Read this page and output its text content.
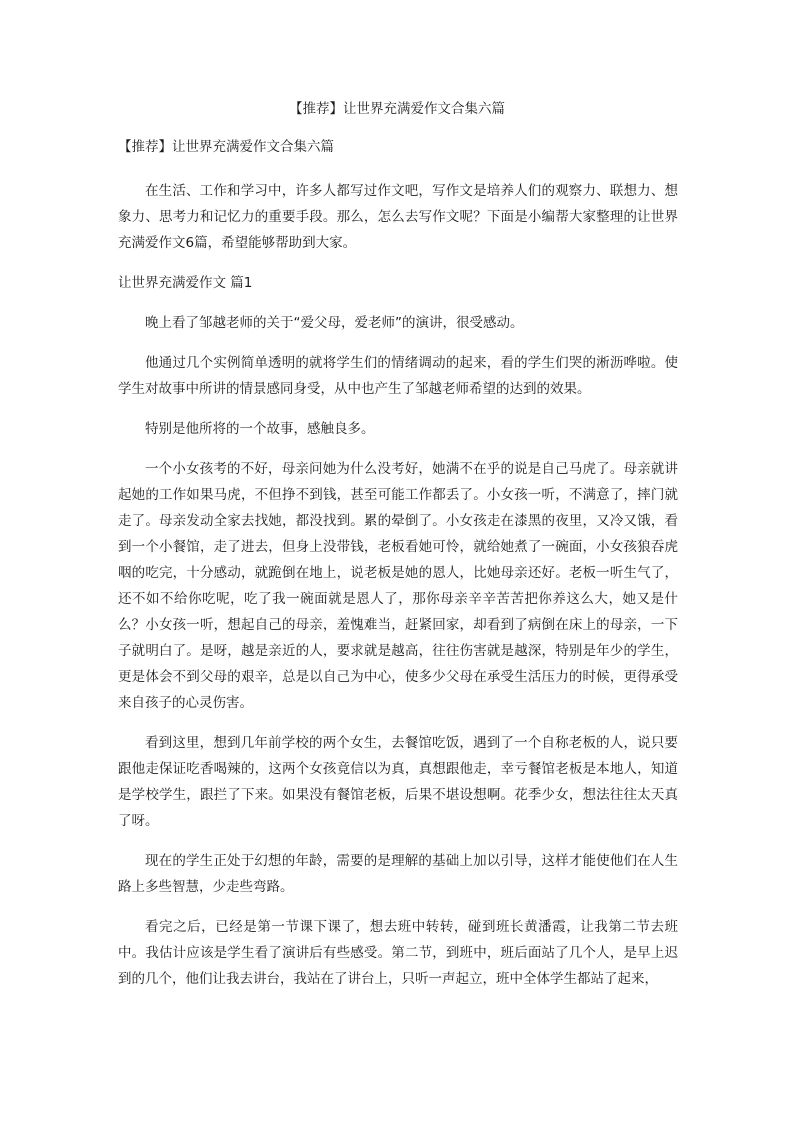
【推荐】让世界充满爱作文合集六篇

【推荐】让世界充满爱作文合集六篇

在生活、工作和学习中，许多人都写过作文吧，写作文是培养人们的观察力、联想力、想象力、思考力和记忆力的重要手段。那么，怎么去写作文呢？下面是小编帮大家整理的让世界充满爱作文6篇，希望能够帮助到大家。

让世界充满爱作文 篇1

晚上看了邹越老师的关于“爱父母，爱老师”的演讲，很受感动。

他通过几个实例简单透明的就将学生们的情绪调动的起来，看的学生们哭的淅沥哗啦。使学生对故事中所讲的情景感同身受，从中也产生了邹越老师希望的达到的效果。

特别是他所将的一个故事，感触良多。

一个小女孩考的不好，母亲问她为什么没考好，她满不在乎的说是自己马虎了。母亲就讲起她的工作如果马虎，不但挣不到钱，甚至可能工作都丢了。小女孩一听，不满意了，摔门就走了。母亲发动全家去找她，都没找到。累的晕倒了。小女孩走在漆黑的夜里，又冷又饿，看到一个小餐馆，走了进去，但身上没带钱，老板看她可怜，就给她煮了一碗面，小女孩狼吞虎咽的吃完，十分感动，就跪倒在地上，说老板是她的恩人，比她母亲还好。老板一听生气了，还不如不给你吃呢，吃了我一碗面就是恩人了，那你母亲辛辛苦苦把你养这么大，她又是什么？小女孩一听，想起自己的母亲，羞愧难当，赶紧回家，却看到了病倒在床上的母亲，一下子就明白了。是呀，越是亲近的人，要求就是越高，往往伤害就是越深，特别是年少的学生，更是体会不到父母的艰辛，总是以自己为中心，使多少父母在承受生活压力的时候，更得承受来自孩子的心灵伤害。

看到这里，想到几年前学校的两个女生，去餐馆吃饭，遇到了一个自称老板的人，说只要跟他走保证吃香喝辣的，这两个女孩竟信以为真，真想跟他走，幸亏餐馆老板是本地人，知道是学校学生，跟拦了下来。如果没有餐馆老板，后果不堪设想啊。花季少女，想法往往太天真了呀。

现在的学生正处于幻想的年龄，需要的是理解的基础上加以引导，这样才能使他们在人生路上多些智慧，少走些弯路。

看完之后，已经是第一节课下课了，想去班中转转，碰到班长黄潘霞，让我第二节去班中。我估计应该是学生看了演讲后有些感受。第二节，到班中，班后面站了几个人，是早上迟到的几个，他们让我去讲台，我站在了讲台上，只听一声起立，班中全体学生都站了起来，
